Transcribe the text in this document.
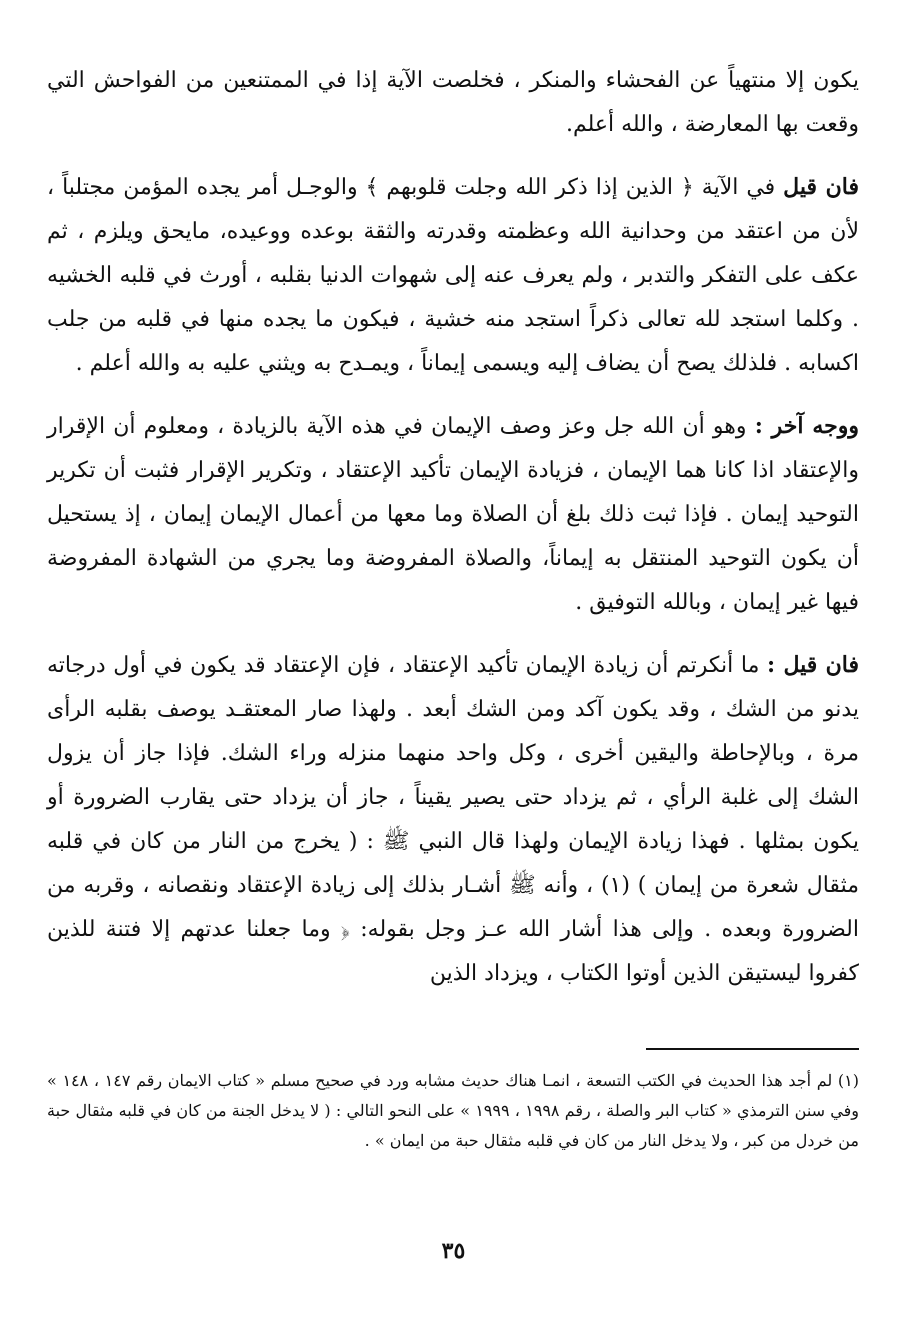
يكون إلا منتهياً عن الفحشاء والمنكر ، فخلصت الآية إذا في الممتنعين من الفواحش التي وقعت بها المعارضة ، والله أعلم.

فان قيل في الآية ﴿ الذين إذا ذكر الله وجلت قلوبهم ﴾ والوجـل أمر يجده المؤمن مجتلباً ، لأن من اعتقد من وحدانية الله وعظمته وقدرته والثقة بوعده ووعيده، مايحق ويلزم ، ثم عكف على التفكر والتدبر ، ولم يعرف عنه إلى شهوات الدنيا بقلبه ، أورث في قلبه الخشيه . وكلما استجد لله تعالى ذكراً استجد منه خشية ، فيكون ما يجده منها في قلبه من جلب اكسابه . فلذلك يصح أن يضاف إليه ويسمى إيماناً ، ويمـدح به ويثني عليه به والله أعلم .

ووجه آخر : وهو أن الله جل وعز وصف الإيمان في هذه الآية بالزيادة ، ومعلوم أن الإقرار والإعتقاد اذا كانا هما الإيمان ، فزيادة الإيمان تأكيد الإعتقاد ، وتكرير الإقرار فثبت أن تكرير التوحيد إيمان . فإذا ثبت ذلك بلغ أن الصلاة وما معها من أعمال الإيمان إيمان ، إذ يستحيل أن يكون التوحيد المنتقل به إيماناً، والصلاة المفروضة وما يجري من الشهادة المفروضة فيها غير إيمان ، وبالله التوفيق .

فان قيل : ما أنكرتم أن زيادة الإيمان تأكيد الإعتقاد ، فإن الإعتقاد قد يكون في أول درجاته يدنو من الشك ، وقد يكون آكد ومن الشك أبعد . ولهذا صار المعتقـد يوصف بقلبه الرأى مرة ، وبالإحاطة واليقين أخرى ، وكل واحد منهما منزله وراء الشك. فإذا جاز أن يزول الشك إلى غلبة الرأي ، ثم يزداد حتى يصير يقيناً ، جاز أن يزداد حتى يقارب الضرورة أو يكون بمثلها . فهذا زيادة الإيمان ولهذا قال النبي ﷺ : ( يخرج من النار من كان في قلبه مثقال شعرة من إيمان ) (١) ، وأنه ﷺ أشـار بذلك إلى زيادة الإعتقاد ونقصانه ، وقربه من الضرورة وبعده . وإلى هذا أشار الله عـز وجل بقوله: ﴿ وما جعلنا عدتهم إلا فتنة للذين كفروا ليستيقن الذين أوتوا الكتاب ، ويزداد الذين

(١) لم أجد هذا الحديث في الكتب التسعة ، انمـا هناك حديث مشابه ورد في صحيح مسلم « كتاب الايمان رقم ١٤٧ ، ١٤٨ » وفي سنن الترمذي « كتاب البر والصلة ، رقم ١٩٩٨ ، ١٩٩٩ » على النحو التالي : ( لا يدخل الجنة من كان في قلبه مثقال حبة من خردل من كبر ، ولا يدخل النار من كان في قلبه مثقال حبة من ايمان » .
٣٥
